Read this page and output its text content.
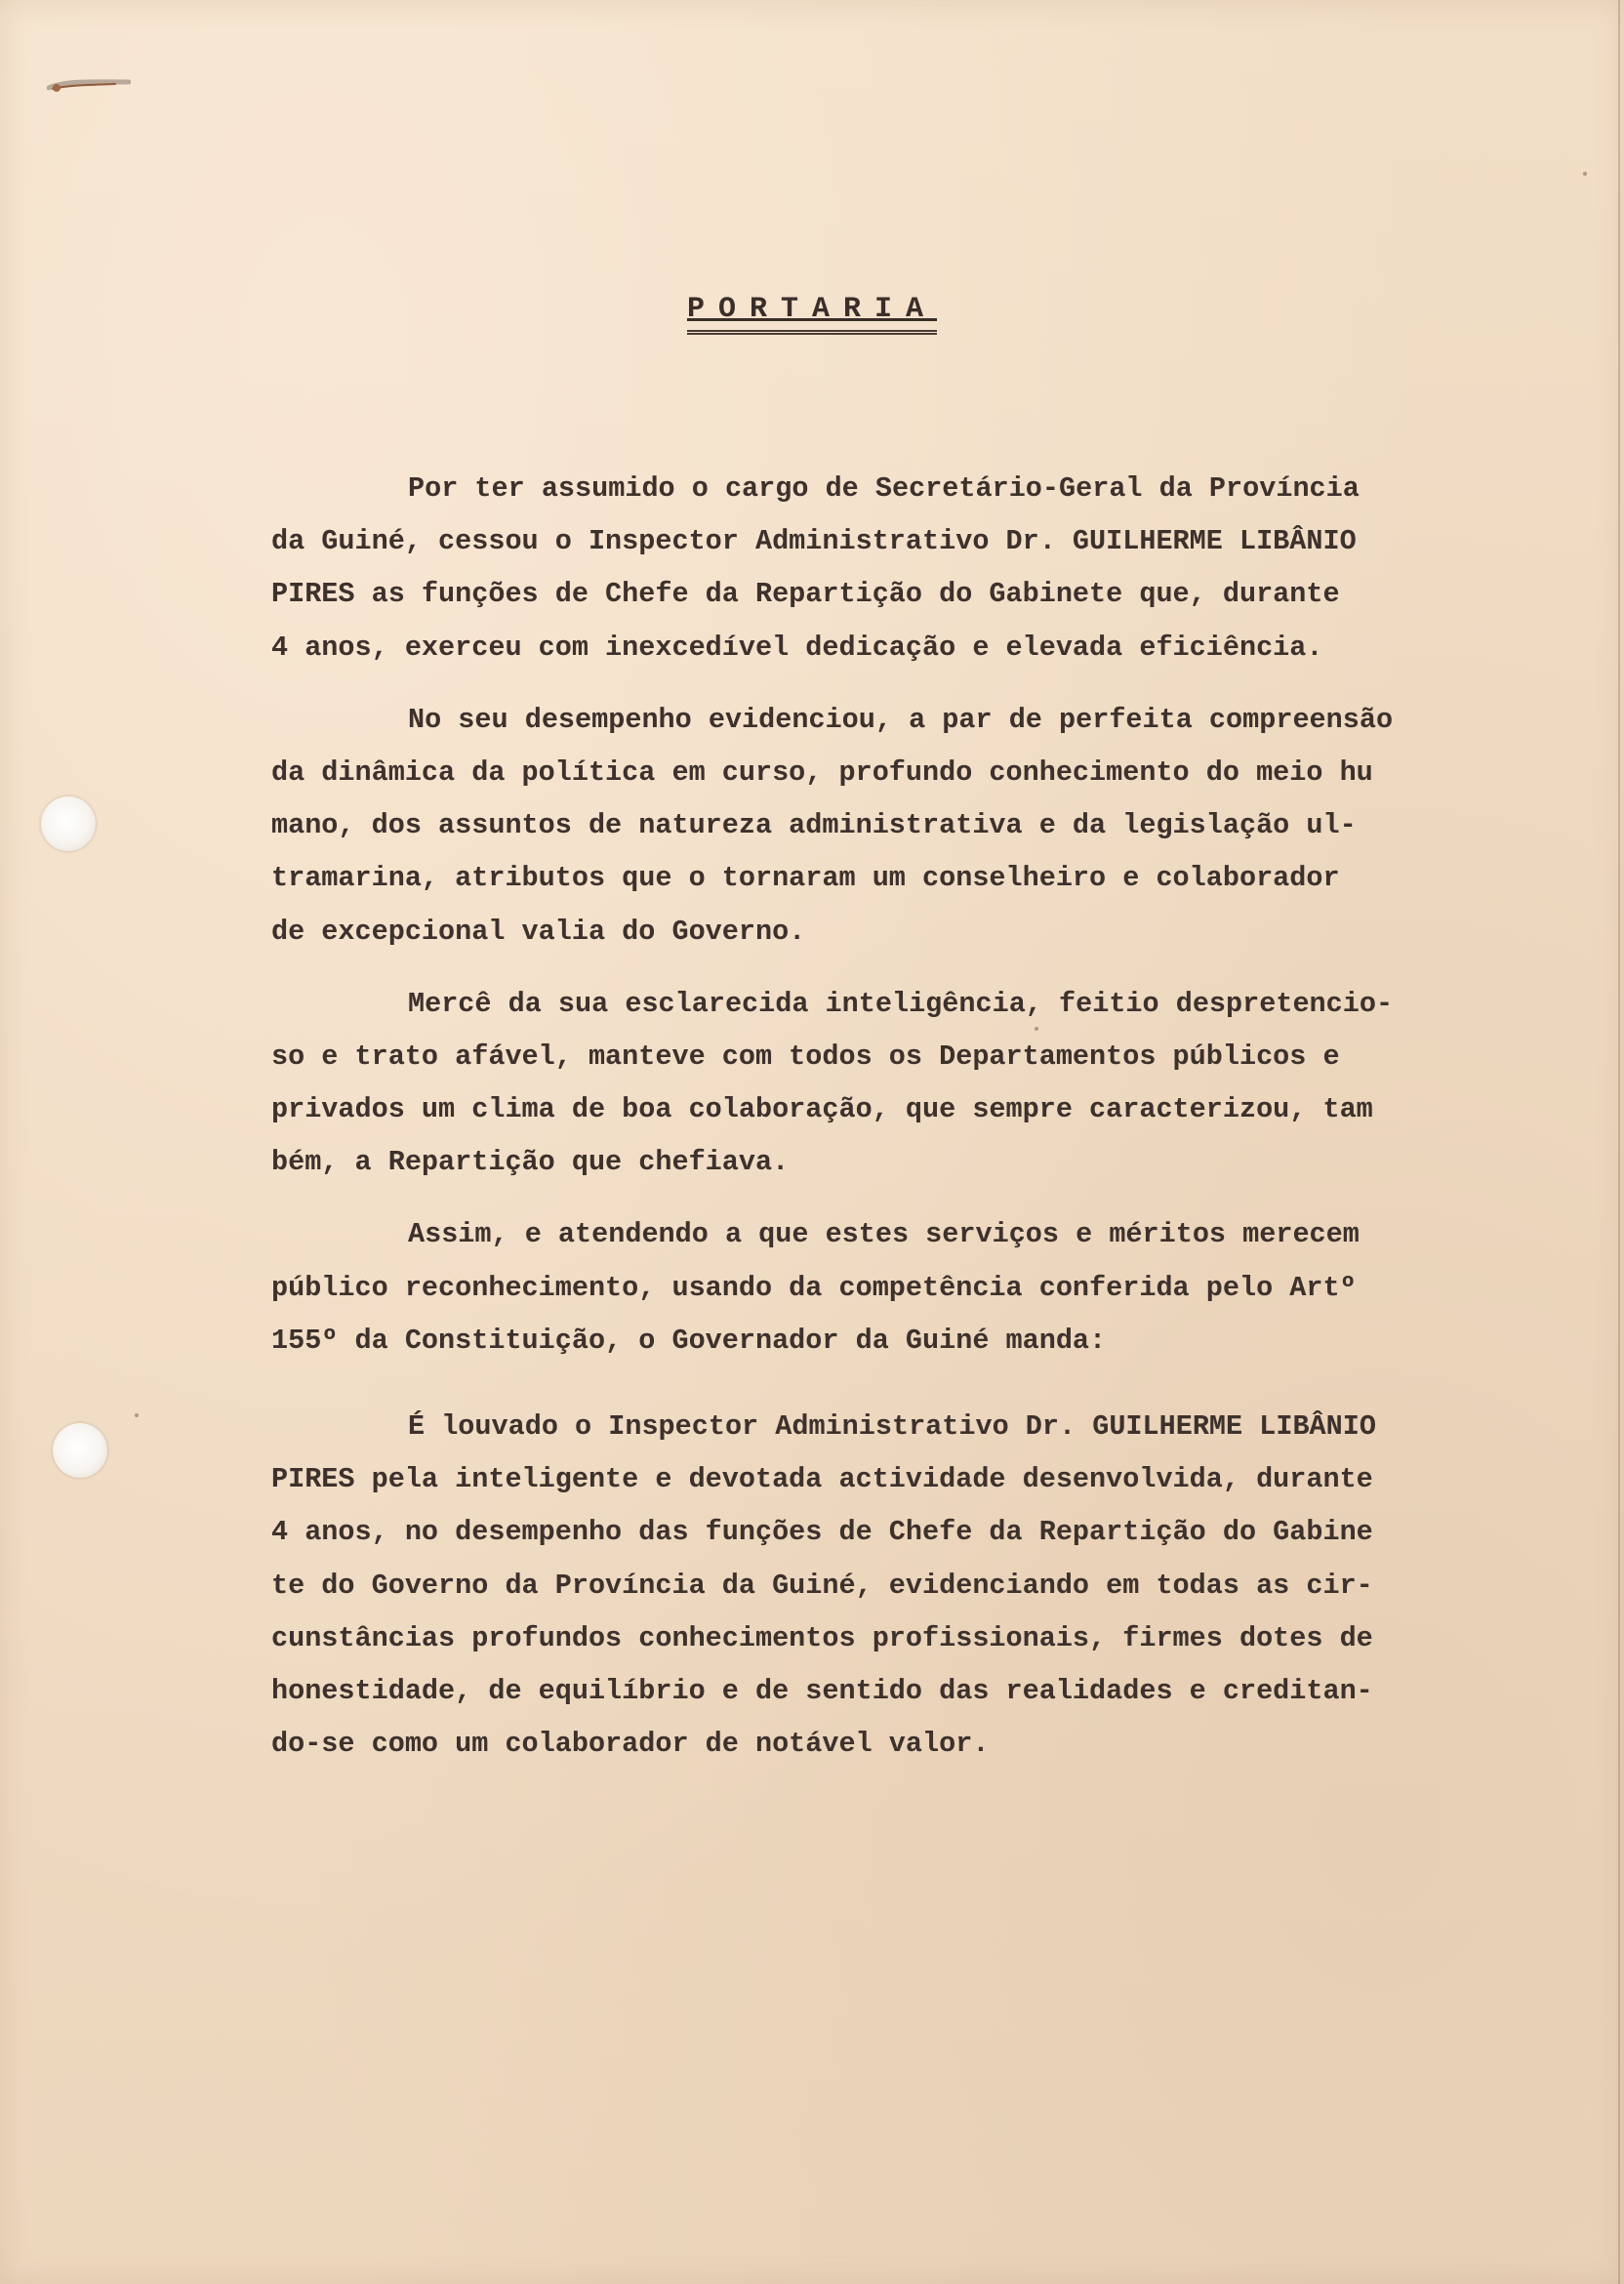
PORTARIA
Por ter assumido o cargo de Secretário-Geral da Província
da Guiné, cessou o Inspector Administrativo Dr. GUILHERME LIBÂNIO
PIRES as funções de Chefe da Repartição do Gabinete que, durante
4 anos, exerceu com inexcedível dedicação e elevada eficiência.
No seu desempenho evidenciou, a par de perfeita compreensão
da dinâmica da política em curso, profundo conhecimento do meio hu
mano, dos assuntos de natureza administrativa e da legislação ul-
tramarina, atributos que o tornaram um conselheiro e colaborador
de excepcional valia do Governo.
Mercê da sua esclarecida inteligência, feitio despretencio-
so e trato afável, manteve com todos os Departamentos públicos e
privados um clima de boa colaboração, que sempre caracterizou, tam
bém, a Repartição que chefiava.
Assim, e atendendo a que estes serviços e méritos merecem
público reconhecimento, usando da competência conferida pelo Artº
155º da Constituição, o Governador da Guiné manda:
É louvado o Inspector Administrativo Dr. GUILHERME LIBÂNIO
PIRES pela inteligente e devotada actividade desenvolvida, durante
4 anos, no desempenho das funções de Chefe da Repartição do Gabine
te do Governo da Província da Guiné, evidenciando em todas as cir-
cunstâncias profundos conhecimentos profissionais, firmes dotes de
honestidade, de equilíbrio e de sentido das realidades e creditan-
do-se como um colaborador de notável valor.
